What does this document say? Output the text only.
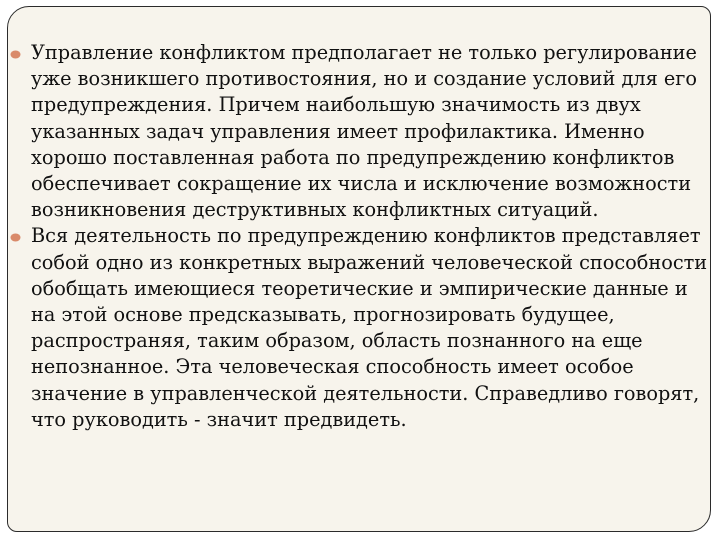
Управление конфликтом предполагает не только регулирование уже возникшего противостояния, но и создание условий для его предупреждения. Причем наибольшую значимость из двух указанных задач управления имеет профилактика. Именно хорошо поставленная работа по предупреждению конфликтов обеспечивает сокращение их числа и исключение возможности возникновения деструктивных конфликтных ситуаций.
Вся деятельность по предупреждению конфликтов представляет собой одно из конкретных выражений человеческой способности обобщать имеющиеся теоретические и эмпирические данные и на этой основе предсказывать, прогнозировать будущее, распространяя, таким образом, область познанного на еще непознанное. Эта человеческая способность имеет особое значение в управленческой деятельности. Справедливо говорят, что руководить - значит предвидеть.
